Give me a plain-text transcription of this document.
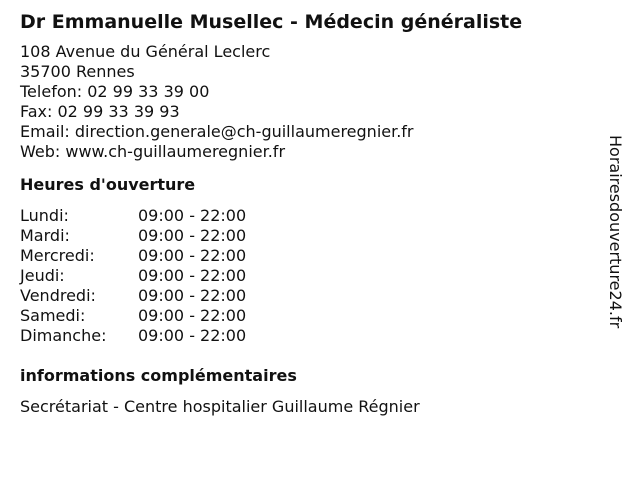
Dr Emmanuelle Musellec - Médecin généraliste
108 Avenue du Général Leclerc
35700 Rennes
Telefon: 02 99 33 39 00
Fax: 02 99 33 39 93
Email: direction.generale@ch-guillaumeregnier.fr
Web: www.ch-guillaumeregnier.fr
Heures d'ouverture
Lundi:	09:00 - 22:00
Mardi:	09:00 - 22:00
Mercredi:	09:00 - 22:00
Jeudi:	09:00 - 22:00
Vendredi:	09:00 - 22:00
Samedi:	09:00 - 22:00
Dimanche:	09:00 - 22:00
informations complémentaires
Secrétariat - Centre hospitalier Guillaume Régnier
Horairesdouverture24.fr
